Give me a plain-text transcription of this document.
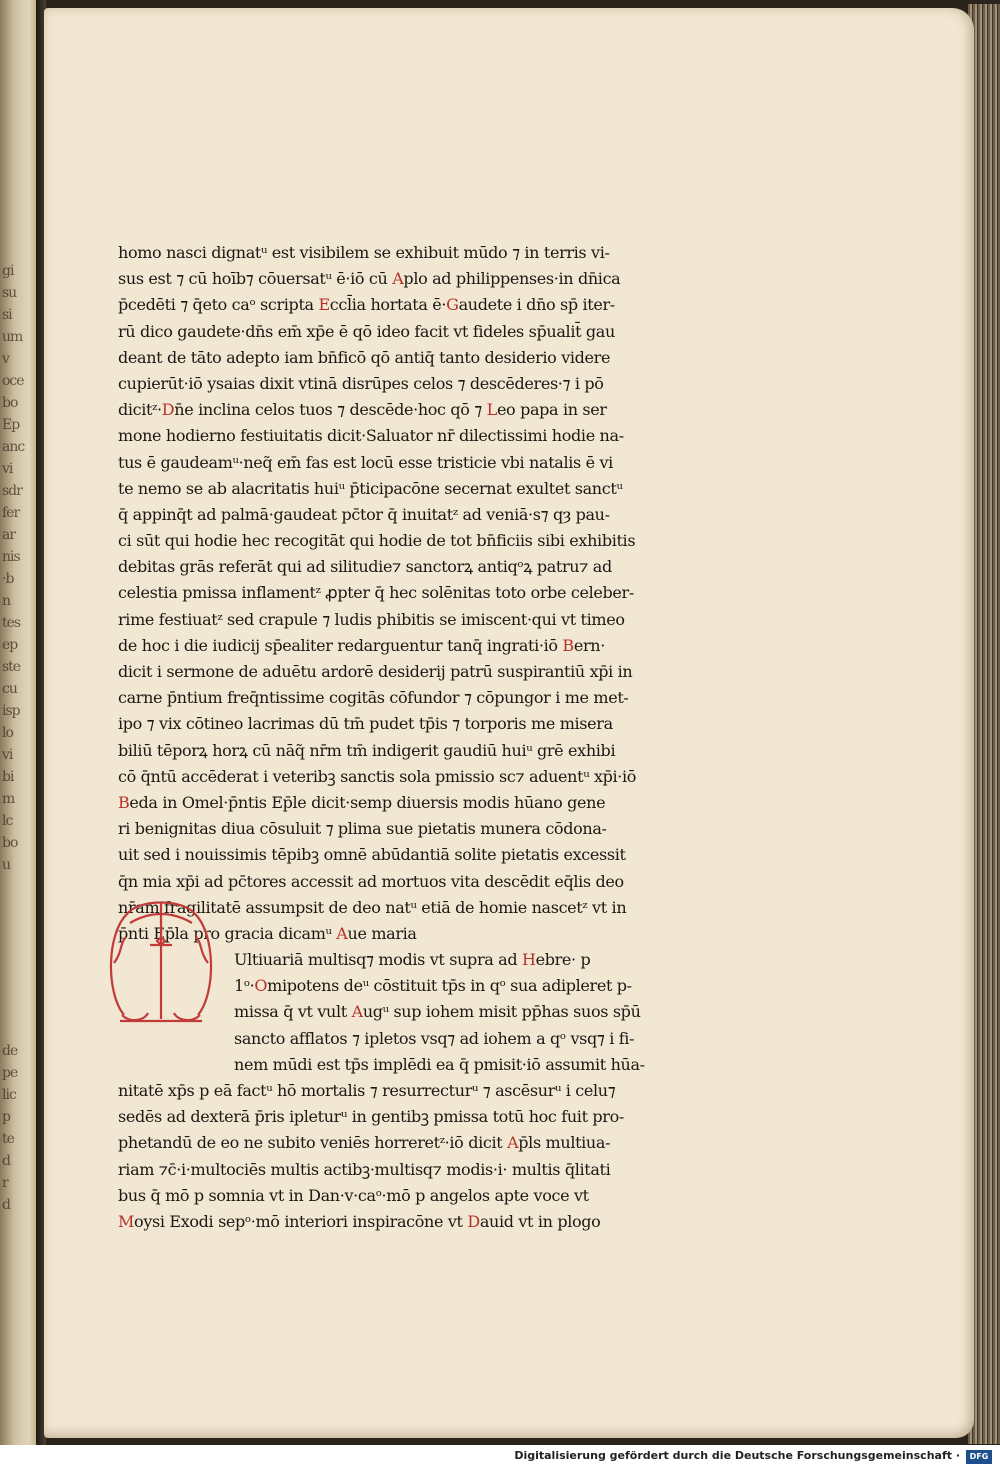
gi
su
si
um
v
oce
bo
Ep
anc
vi
sdr
fer
ar
nis
·b
n
tes
ep
ste
cu
isp
lo
vi
bi
m
lc
bo
u
de
pe
lic
p
te
d
r
d
homo nasci dignatᵘ est visibilem se exhibuit mūdo ⁊ in terris vi-
sus est ⁊ cū hoīb⁊ cōuersatᵘ ē·iō cū Aplo ad philippenses·in dn̄ica
p̄cedēti ⁊ q̄eto caᵒ scripta Eccl̄ia hortata ē·Gaudete i dn̄o sp̄ iter-
rū dico gaudete·dn̄s em̄ xp̄e ē qō ideo facit vt fideles sp̄ualit̄ gau
deant de tāto adepto iam bn̄ficō qō antiq̄ tanto desiderio videre
cupierūt·iō ysaias dixit vtinā disrūpes celos ⁊ descēderes·⁊ i pō
dicitᶻ·Dn̄e inclina celos tuos ⁊ descēde·hoc qō ⁊ Leo papa in ser
mone hodierno festiuitatis dicit·Saluator nr̄ dilectissimi hodie na-
tus ē gaudeamᵘ·neq̃ em̄ fas est locū esse tristicie vbi natalis ē vi
te nemo se ab alacritatis huiᵘ p̄ticipacōne secernat exultet sanctᵘ
q̄ appinq̄t ad palmā·gaudeat pc̄tor q̄ inuitatᶻ ad veniā·s⁊ qȝ pau-
ci sūt qui hodie hec recogitāt qui hodie de tot bn̄ficiis sibi exhibitis
debitas grās referāt qui ad silitudie⁊ sanctorꝝ antiqᵒꝝ patru⁊ ad
celestia pmissa inflamentᶻ ꝓpter q̄ hec solēnitas toto orbe celeber-
rime festiuatᶻ sed crapule ⁊ ludis phibitis se imiscent·qui vt timeo
de hoc i die iudicij sp̄ealiter redarguentur tanq̄ ingrati·iō Bern·
dicit i sermone de aduētu ardorē desiderij patrū suspirantiū xp̄i in
carne p̄ntium freq̄ntissime cogitās cōfundor ⁊ cōpungor i me met-
ipo ⁊ vix cōtineo lacrimas dū tm̄ pudet tp̄is ⁊ torporis me misera
biliū tēporꝝ horꝝ cū nāq̃ nr̄m tm̄ indigerit gaudiū huiᵘ grē exhibi
cō q̄ntū accēderat i veteribꝫ sanctis sola pmissio sc⁊ aduentᵘ xp̄i·iō
Beda in Omel·p̄ntis Ep̄le dicit·semp diuersis modis hūano gene
ri benignitas diua cōsuluit ⁊ plima sue pietatis munera cōdona-
uit sed i nouissimis tēpibꝫ omnē abūdantiā solite pietatis excessit
q̄n mia xp̄i ad pc̄tores accessit ad mortuos vita descēdit eq̄lis deo
nr̄am fragilitatē assumpsit de deo natᵘ etiā de homie nascetᶻ vt in
p̄nti Ep̄la pro gracia dicamᵘ Aue maria
Ultiuariā multisq⁊ modis vt supra ad Hebre· p
1ᵒ·Omipotens deᵘ cōstituit tp̄s in qᵒ sua adipleret p-
missa q̄ vt vult Augᵘ sup iohem misit pp̄has suos sp̄ū
sancto afflatos ⁊ ipletos vsq⁊ ad iohem a qᵒ vsq⁊ i fi-
nem mūdi est tp̄s implēdi ea q̄ pmisit·iō assumit hūa-
nitatē xp̄s p eā factᵘ hō mortalis ⁊ resurrecturᵘ ⁊ ascēsurᵘ i celu⁊
sedēs ad dexterā p̄ris ipleturᵘ in gentibꝫ pmissa totū hoc fuit pro-
phetandū de eo ne subito veniēs horreretᶻ·iō dicit Ap̄ls multiua-
riam ⁊c̄·i·multociēs multis actibꝫ·multisq⁊ modis·i· multis q̄litati
bus q̄ mō p somnia vt in Dan·v·caᵒ·mō p angelos apte voce vt
Moysi Exodi sepᵒ·mō interiori inspiracōne vt Dauid vt in plogo
Digitalisierung gefördert durch die Deutsche Forschungsgemeinschaft ·	DFG
